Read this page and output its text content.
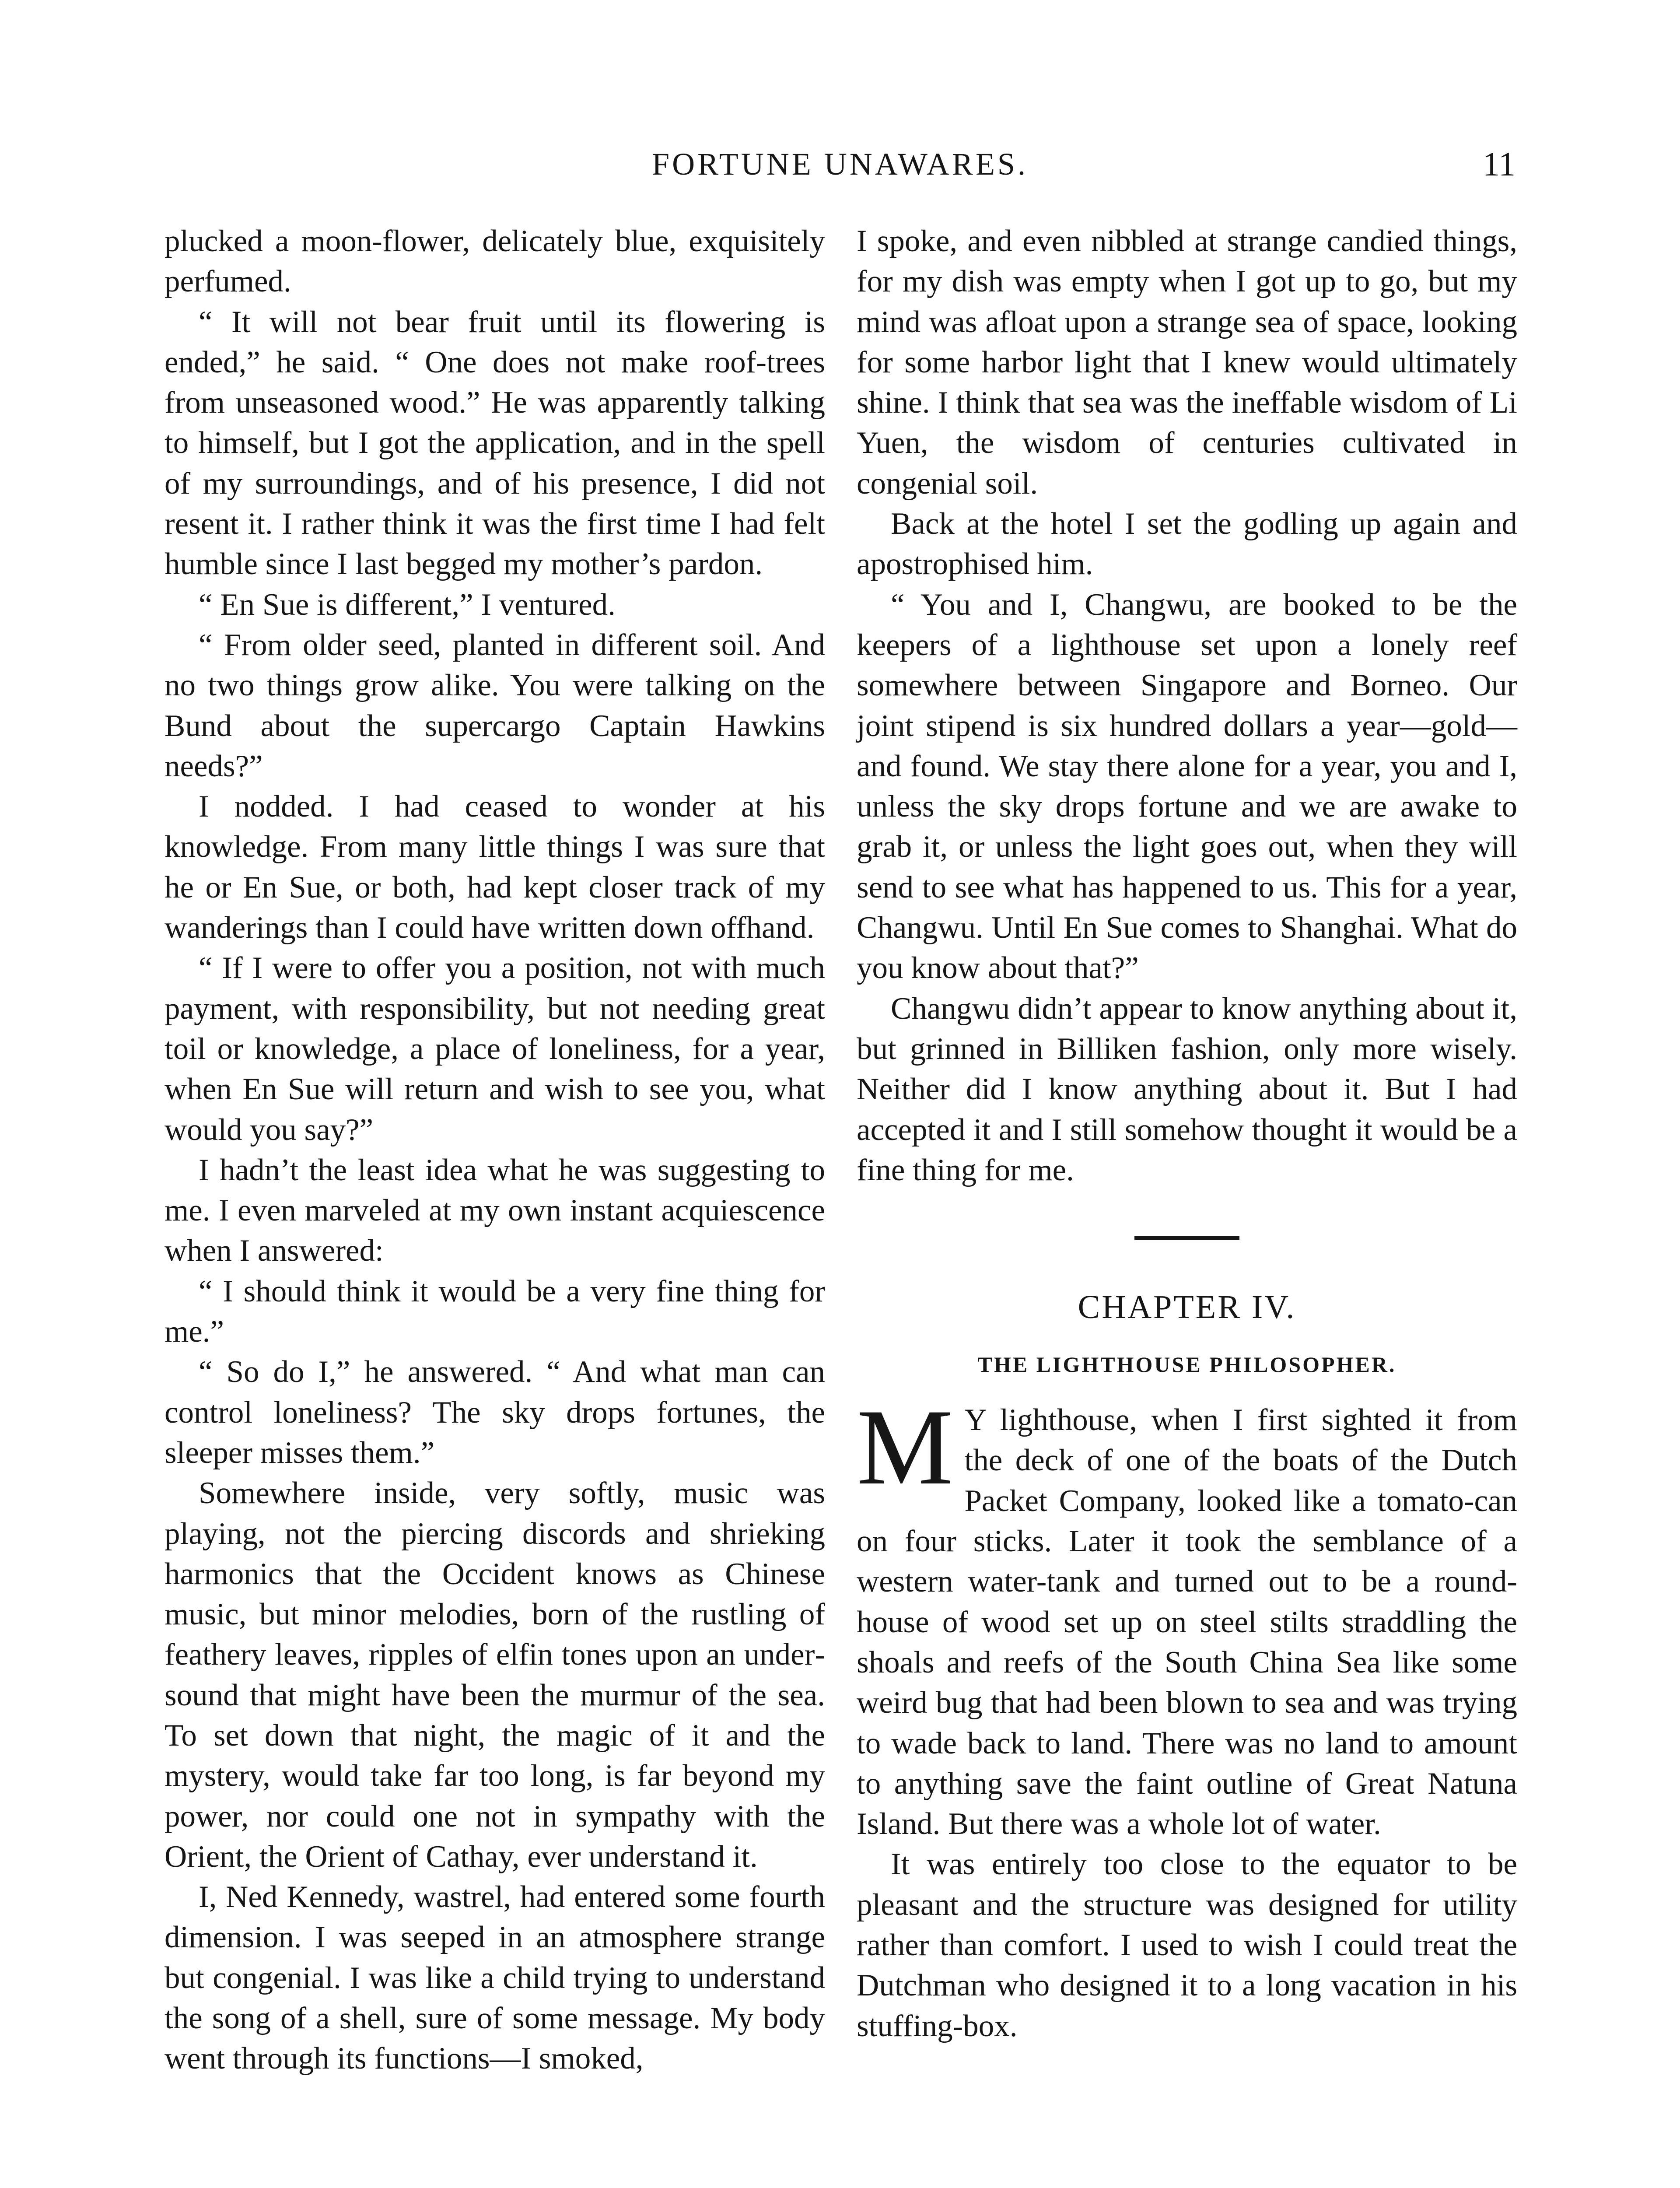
FORTUNE UNAWARES.	11

plucked a moon-flower, delicately blue, exquisitely perfumed.

“ It will not bear fruit until its flowering is ended,” he said. “ One does not make roof-trees from unseasoned wood.” He was apparently talking to himself, but I got the application, and in the spell of my surroundings, and of his presence, I did not resent it. I rather think it was the first time I had felt humble since I last begged my mother’s pardon.

“ En Sue is different,” I ventured.

“ From older seed, planted in different soil. And no two things grow alike. You were talking on the Bund about the supercargo Captain Hawkins needs?”

I nodded. I had ceased to wonder at his knowledge. From many little things I was sure that he or En Sue, or both, had kept closer track of my wanderings than I could have written down offhand.

“ If I were to offer you a position, not with much payment, with responsibility, but not needing great toil or knowledge, a place of loneliness, for a year, when En Sue will return and wish to see you, what would you say?”

I hadn’t the least idea what he was suggesting to me. I even marveled at my own instant acquiescence when I answered:

“ I should think it would be a very fine thing for me.”

“ So do I,” he answered. “ And what man can control loneliness? The sky drops fortunes, the sleeper misses them.”

Somewhere inside, very softly, music was playing, not the piercing discords and shrieking harmonics that the Occident knows as Chinese music, but minor melodies, born of the rustling of feathery leaves, ripples of elfin tones upon an undersound that might have been the murmur of the sea. To set down that night, the magic of it and the mystery, would take far too long, is far beyond my power, nor could one not in sympathy with the Orient, the Orient of Cathay, ever understand it.

I, Ned Kennedy, wastrel, had entered some fourth dimension. I was seeped in an atmosphere strange but congenial. I was like a child trying to understand the song of a shell, sure of some message. My body went through its functions—I smoked,

I spoke, and even nibbled at strange candied things, for my dish was empty when I got up to go, but my mind was afloat upon a strange sea of space, looking for some harbor light that I knew would ultimately shine. I think that sea was the ineffable wisdom of Li Yuen, the wisdom of centuries cultivated in congenial soil.

Back at the hotel I set the godling up again and apostrophised him.

“ You and I, Changwu, are booked to be the keepers of a lighthouse set upon a lonely reef somewhere between Singapore and Borneo. Our joint stipend is six hundred dollars a year—gold—and found. We stay there alone for a year, you and I, unless the sky drops fortune and we are awake to grab it, or unless the light goes out, when they will send to see what has happened to us. This for a year, Changwu. Until En Sue comes to Shanghai. What do you know about that?”

Changwu didn’t appear to know anything about it, but grinned in Billiken fashion, only more wisely. Neither did I know anything about it. But I had accepted it and I still somehow thought it would be a fine thing for me.

CHAPTER IV.
THE LIGHTHOUSE PHILOSOPHER.

M Y lighthouse, when I first sighted it from the deck of one of the boats of the Dutch Packet Company, looked like a tomato-can on four sticks. Later it took the semblance of a western water-tank and turned out to be a roundhouse of wood set up on steel stilts straddling the shoals and reefs of the South China Sea like some weird bug that had been blown to sea and was trying to wade back to land. There was no land to amount to anything save the faint outline of Great Natuna Island. But there was a whole lot of water.

It was entirely too close to the equator to be pleasant and the structure was designed for utility rather than comfort. I used to wish I could treat the Dutchman who designed it to a long vacation in his stuffing-box.
